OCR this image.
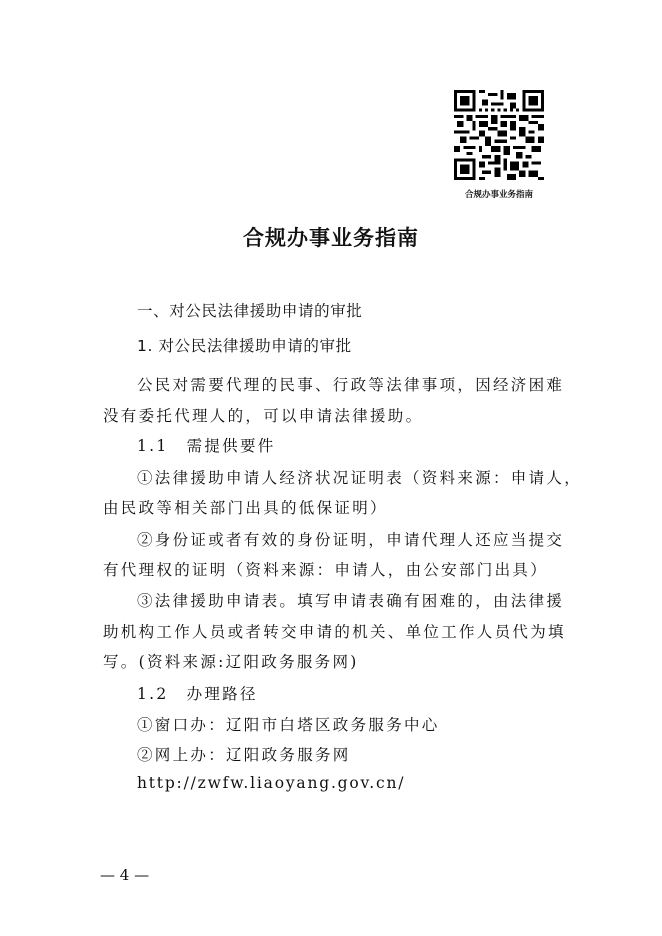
合规办事业务指南
合规办事业务指南
一、对公民法律援助申请的审批
1. 对公民法律援助申请的审批
公民对需要代理的民事、行政等法律事项，因经济困难
没有委托代理人的，可以申请法律援助。
1.1 需提供要件
①法律援助申请人经济状况证明表（资料来源：申请人，
由民政等相关部门出具的低保证明）
②身份证或者有效的身份证明，申请代理人还应当提交
有代理权的证明（资料来源：申请人，由公安部门出具）
③法律援助申请表。填写申请表确有困难的，由法律援
助机构工作人员或者转交申请的机关、单位工作人员代为填
写。(资料来源:辽阳政务服务网)
1.2 办理路径
①窗口办：辽阳市白塔区政务服务中心
②网上办：辽阳政务服务网
http://zwfw.liaoyang.gov.cn/
— 4 —
